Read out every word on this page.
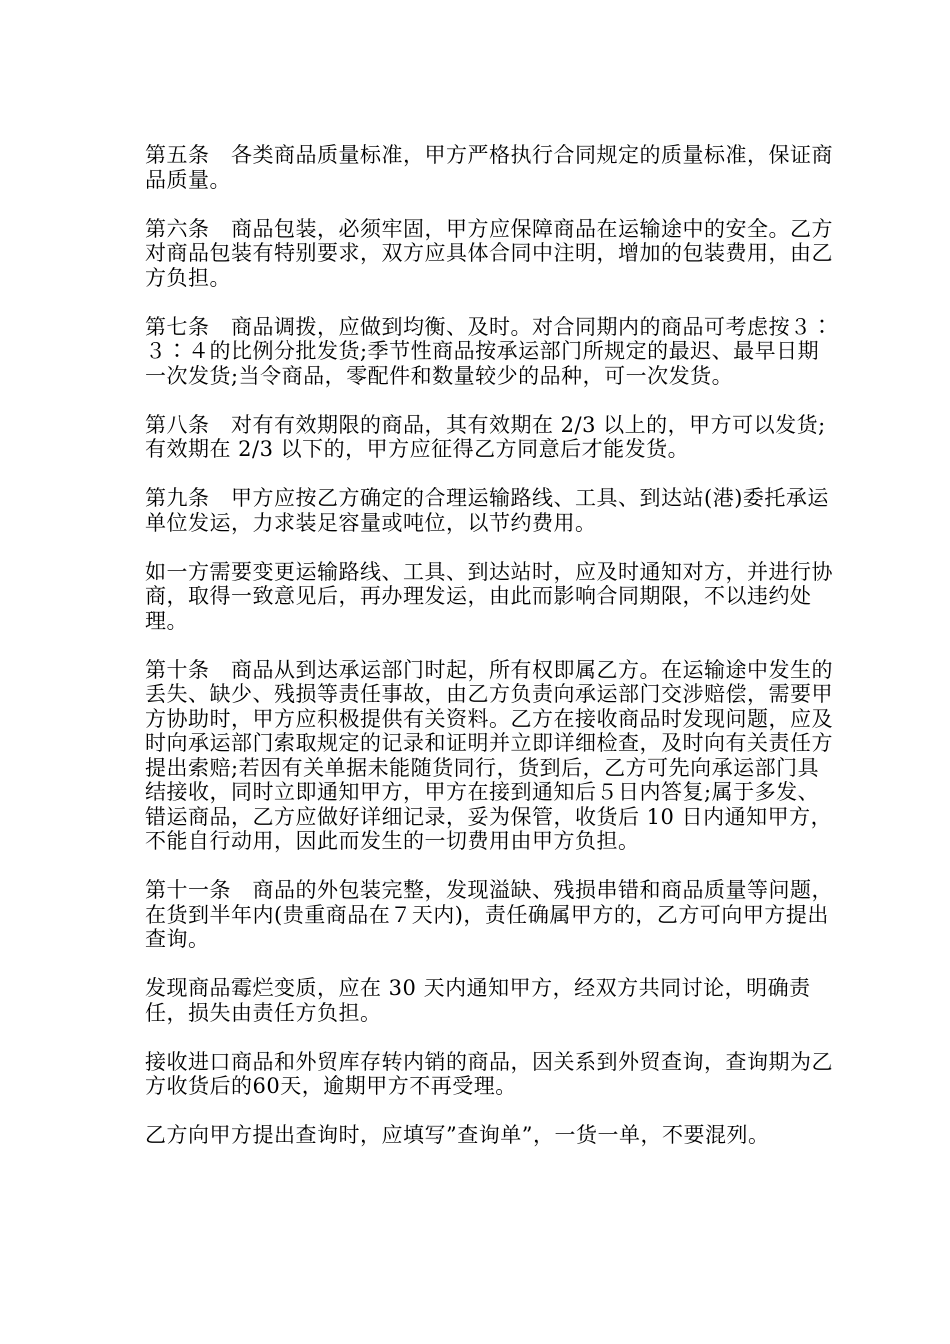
第五条　各类商品质量标准，甲方严格执行合同规定的质量标准，保证商品质量。

第六条　商品包装，必须牢固，甲方应保障商品在运输途中的安全。乙方对商品包装有特别要求，双方应具体合同中注明，增加的包装费用，由乙方负担。

第七条　商品调拨，应做到均衡、及时。对合同期内的商品可考虑按３∶３∶４的比例分批发货;季节性商品按承运部门所规定的最迟、最早日期一次发货;当令商品，零配件和数量较少的品种，可一次发货。

第八条　对有有效期限的商品，其有效期在 2/3 以上的，甲方可以发货;有效期在 2/3 以下的，甲方应征得乙方同意后才能发货。

第九条　甲方应按乙方确定的合理运输路线、工具、到达站(港)委托承运单位发运，力求装足容量或吨位，以节约费用。

如一方需要变更运输路线、工具、到达站时，应及时通知对方，并进行协商，取得一致意见后，再办理发运，由此而影响合同期限，不以违约处理。

第十条　商品从到达承运部门时起，所有权即属乙方。在运输途中发生的丢失、缺少、残损等责任事故，由乙方负责向承运部门交涉赔偿，需要甲方协助时，甲方应积极提供有关资料。乙方在接收商品时发现问题，应及时向承运部门索取规定的记录和证明并立即详细检查，及时向有关责任方提出索赔;若因有关单据未能随货同行，货到后，乙方可先向承运部门具结接收，同时立即通知甲方，甲方在接到通知后５日内答复;属于多发、错运商品，乙方应做好详细记录，妥为保管，收货后 10 日内通知甲方，不能自行动用，因此而发生的一切费用由甲方负担。

第十一条　商品的外包装完整，发现溢缺、残损串错和商品质量等问题，在货到半年内(贵重商品在７天内)，责任确属甲方的，乙方可向甲方提出查询。

发现商品霉烂变质，应在 30 天内通知甲方，经双方共同讨论，明确责任，损失由责任方负担。

接收进口商品和外贸库存转内销的商品，因关系到外贸查询，查询期为乙方收货后的60天，逾期甲方不再受理。

乙方向甲方提出查询时，应填写”查询单”，一货一单，不要混列。
